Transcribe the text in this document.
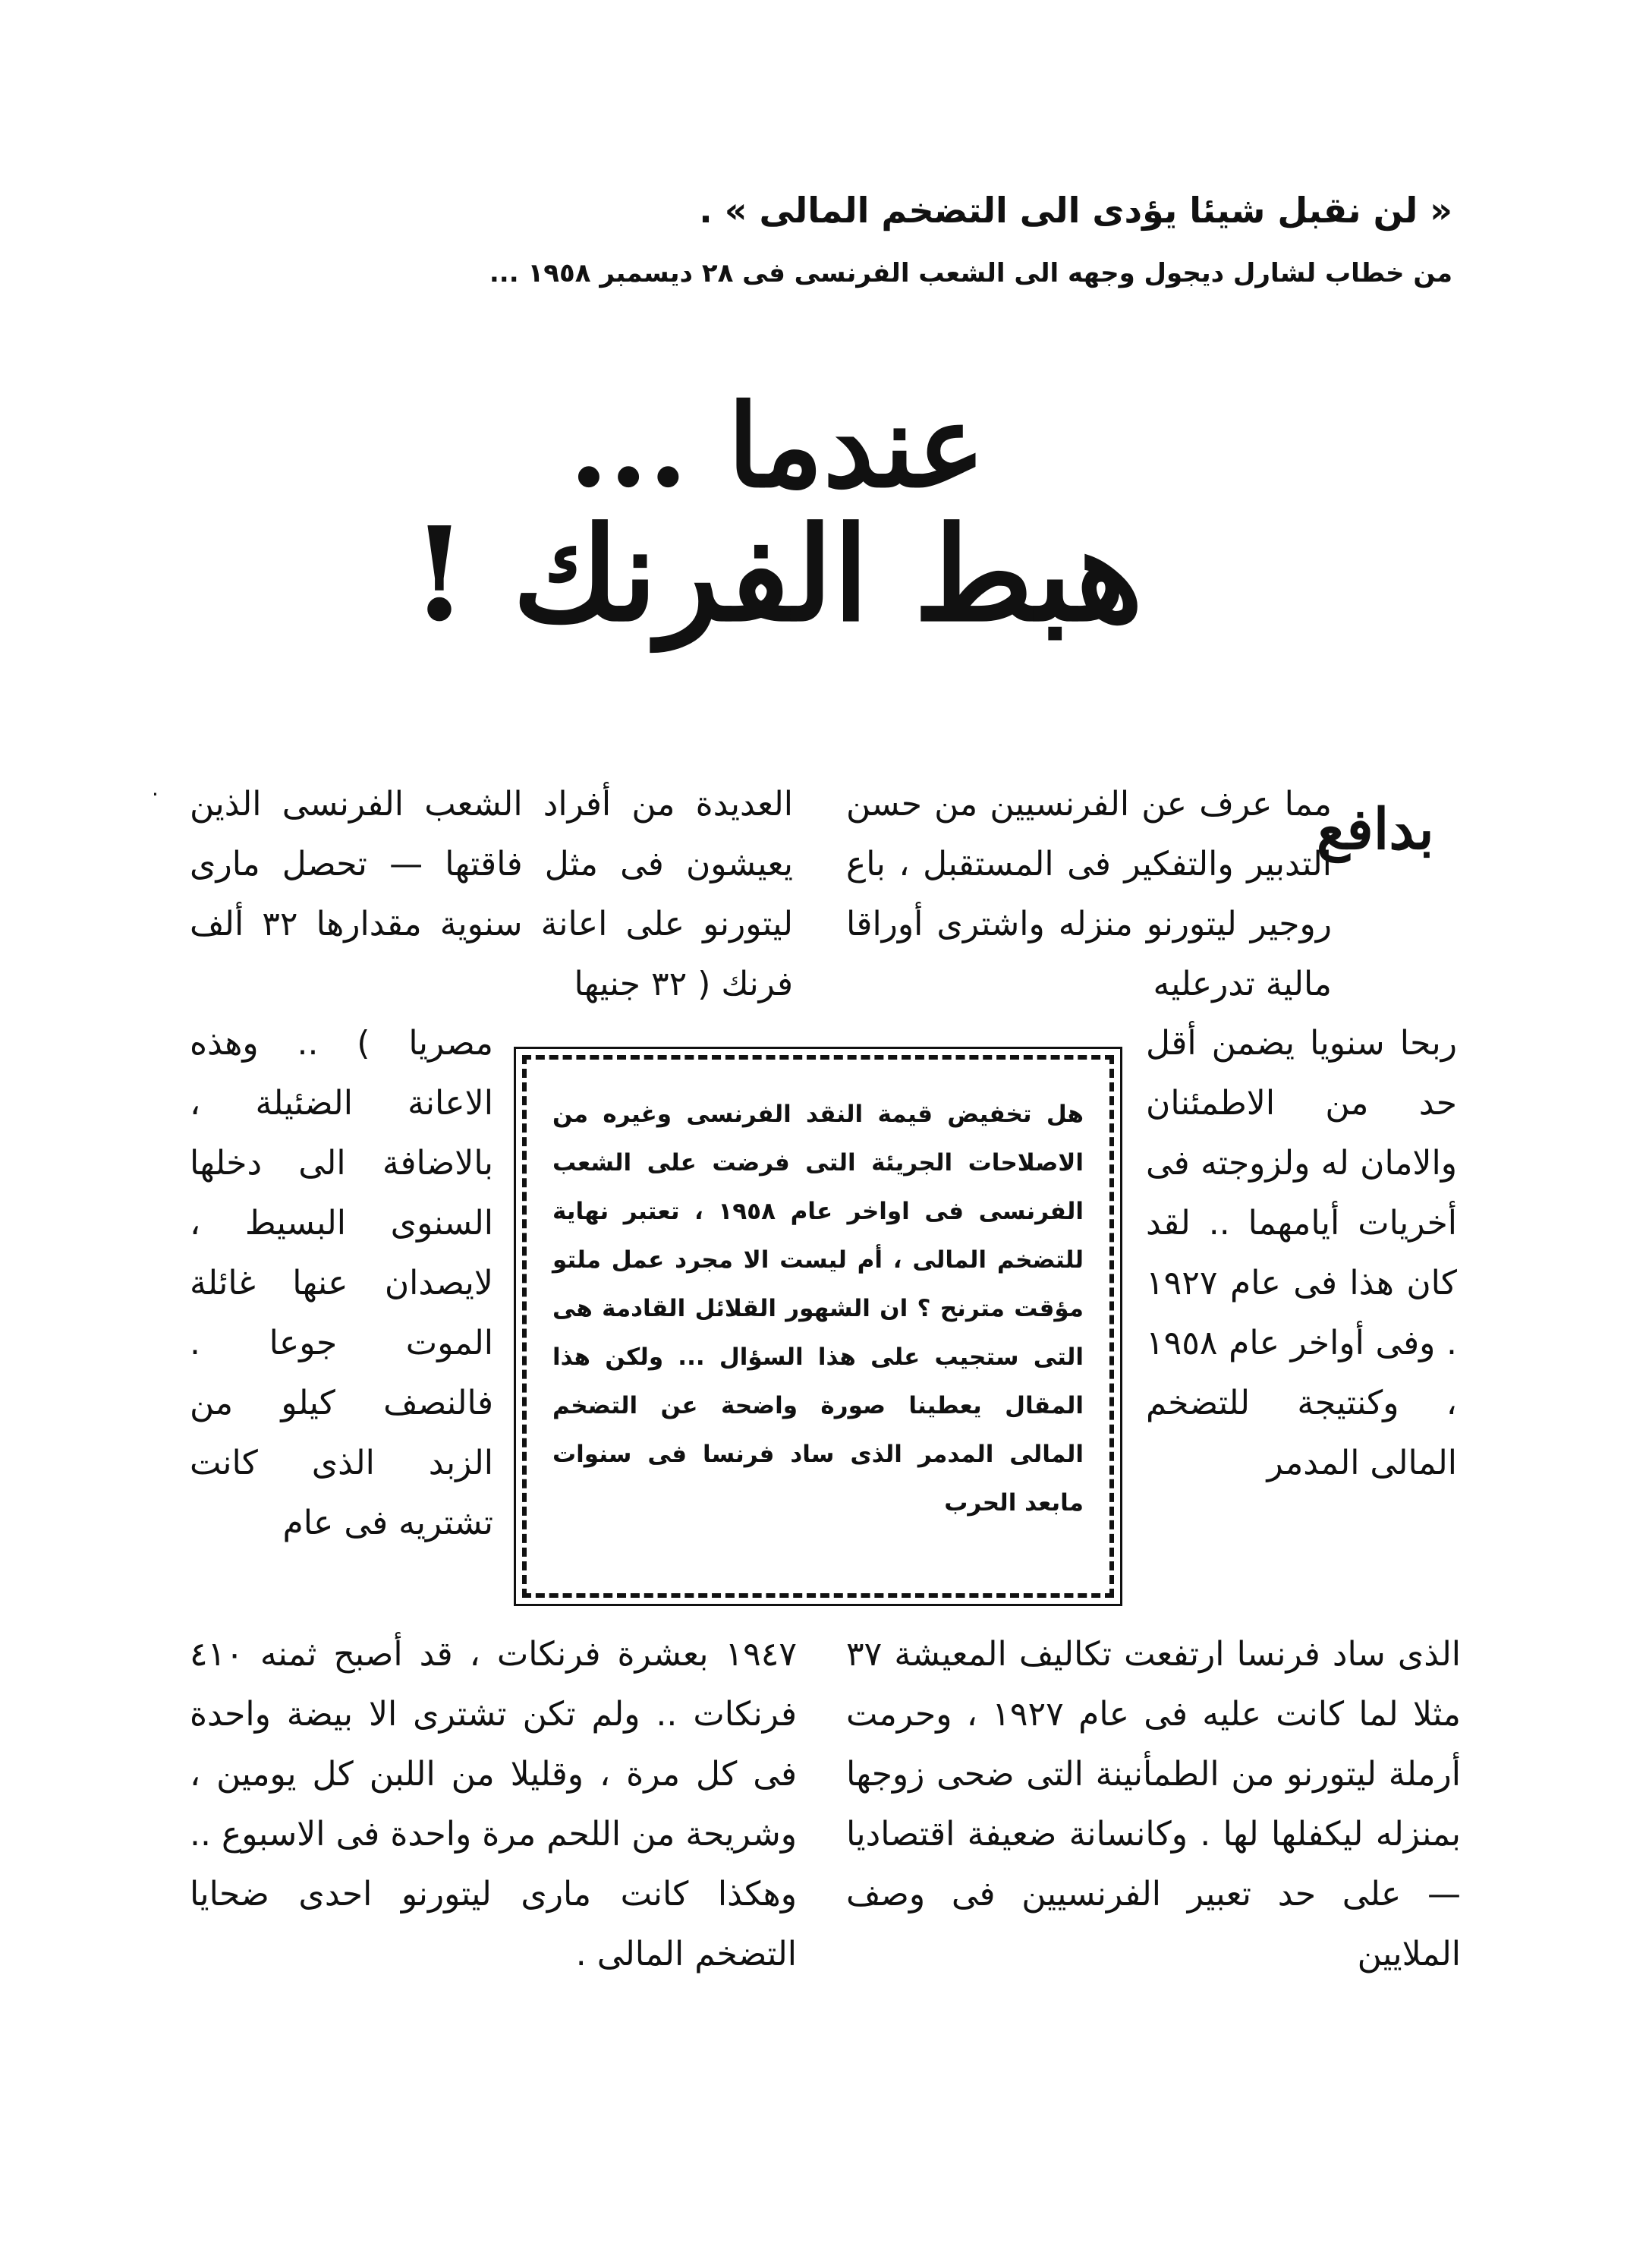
« لن نقبل شيئا يؤدى الى التضخم المالى » .
من خطاب لشارل ديجول وجهه الى الشعب الفرنسى فى ٢٨ ديسمبر ١٩٥٨ ...
عندما ...
هبط الفرنك !
بدافع

مما عرف عن الفرنسيين من حسن التدبير والتفكير فى المستقبل ، باع روجير ليتورنو منزله واشترى أوراقا مالية تدرعليه

ربحا سنويا يضمن أقل حد من الاطمئنان والامان له ولزوجته فى أخريات أيامهما .. لقد كان هذا فى عام ١٩٢٧ . وفى أواخر عام ١٩٥٨ ، وكنتيجة للتضخم المالى المدمر

الذى ساد فرنسا ارتفعت تكاليف المعيشة ٣٧ مثلا لما كانت عليه فى عام ١٩٢٧ ، وحرمت أرملة ليتورنو من الطمأنينة التى ضحى زوجها بمنزله ليكفلها لها . وكانسانة ضعيفة اقتصاديا — على حد تعبير الفرنسيين فى وصف الملايين

العديدة من أفراد الشعب الفرنسى الذين يعيشون فى مثل فاقتها — تحصل مارى ليتورنو على اعانة سنوية مقدارها ٣٢ ألف فرنك ( ٣٢ جنيها

مصريا ) .. وهذه الاعانة الضئيلة ، بالاضافة الى دخلها السنوى البسيط ، لايصدان عنها غائلة الموت جوعا . فالنصف كيلو من الزبد الذى كانت تشتريه فى عام

١٩٤٧ بعشرة فرنكات ، قد أصبح ثمنه ٤١٠ فرنكات .. ولم تكن تشترى الا بيضة واحدة فى كل مرة ، وقليلا من اللبن كل يومين ، وشريحة من اللحم مرة واحدة فى الاسبوع .. وهكذا كانت مارى ليتورنو احدى ضحايا التضخم المالى .

هل تخفيض قيمة النقد الفرنسى وغيره من الاصلاحات الجريئة التى فرضت على الشعب الفرنسى فى اواخر عام ١٩٥٨ ، تعتبر نهاية للتضخم المالى ، أم ليست الا مجرد عمل ملتو مؤقت مترنح ؟ ان الشهور القلائل القادمة هى التى ستجيب على هذا السؤال ... ولكن هذا المقال يعطينا صورة واضحة عن التضخم المالى المدمر الذى ساد فرنسا فى سنوات مابعد الحرب
·
